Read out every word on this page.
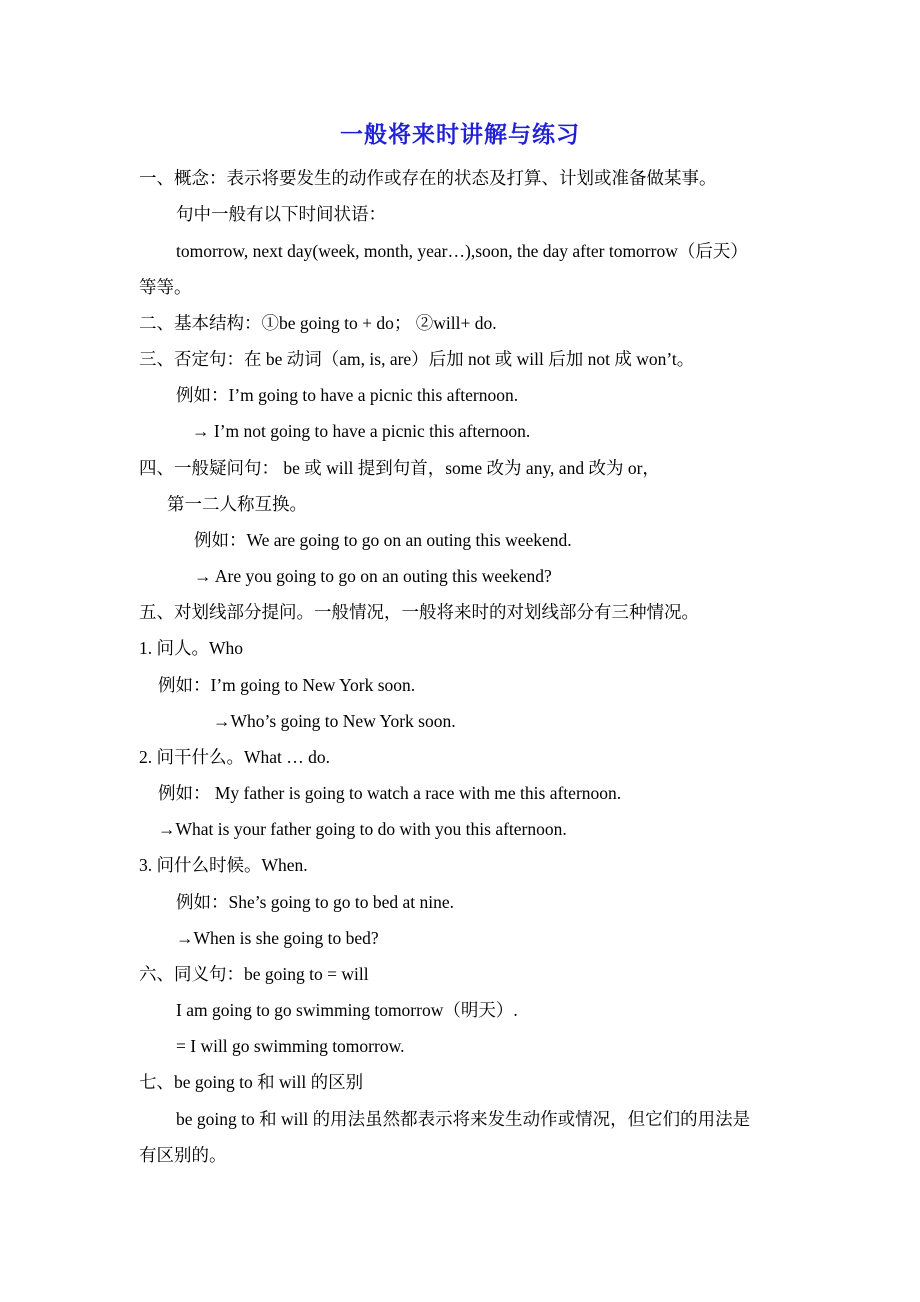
一般将来时讲解与练习
一、概念：表示将要发生的动作或存在的状态及打算、计划或准备做某事。
句中一般有以下时间状语：
tomorrow, next day(week, month, year…),soon, the day after tomorrow（后天）
等等。
二、基本结构：①be going to + do； ②will+ do.
三、否定句：在 be 动词（am, is, are）后加 not 或 will 后加 not 成 won’t。
例如：I’m going to have a picnic this afternoon.
→ I’m not going to have a picnic this afternoon.
四、一般疑问句： be 或 will 提到句首，some 改为 any, and 改为 or，
第一二人称互换。
例如：We are going to go on an outing this weekend.
→ Are you going to go on an outing this weekend?
五、对划线部分提问。一般情况，一般将来时的对划线部分有三种情况。
1. 问人。Who
例如：I’m going to New York soon.
→Who’s going to New York soon.
2. 问干什么。What … do.
例如： My father is going to watch a race with me this afternoon.
→What is your father going to do with you this afternoon.
3. 问什么时候。When.
例如：She’s going to go to bed at nine.
→When is she going to bed?
六、同义句：be going to = will
I am going to go swimming tomorrow（明天）.
= I will go swimming tomorrow.
七、be going to 和 will 的区别
be going to 和 will 的用法虽然都表示将来发生动作或情况，但它们的用法是
有区别的。
